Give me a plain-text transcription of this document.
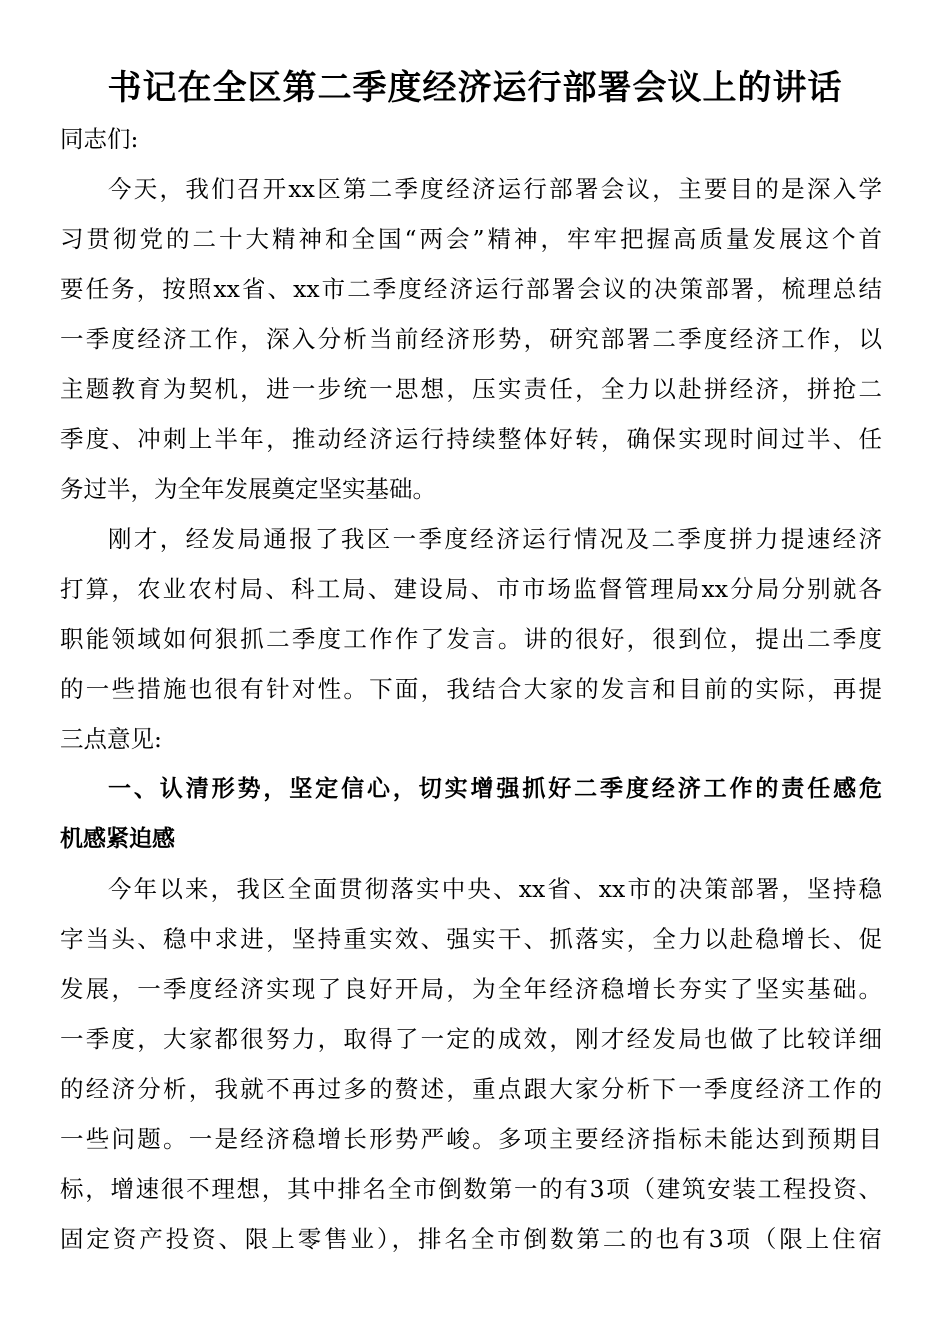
书记在全区第二季度经济运行部署会议上的讲话
同志们:
今天，我们召开xx区第二季度经济运行部署会议，主要目的是深入学
习贯彻党的二十大精神和全国“两会”精神，牢牢把握高质量发展这个首
要任务，按照xx省、xx市二季度经济运行部署会议的决策部署，梳理总结
一季度经济工作，深入分析当前经济形势，研究部署二季度经济工作，以
主题教育为契机，进一步统一思想，压实责任，全力以赴拼经济，拼抢二
季度、冲刺上半年，推动经济运行持续整体好转，确保实现时间过半、任
务过半，为全年发展奠定坚实基础。
刚才，经发局通报了我区一季度经济运行情况及二季度拼力提速经济
打算，农业农村局、科工局、建设局、市市场监督管理局xx分局分别就各
职能领域如何狠抓二季度工作作了发言。讲的很好，很到位，提出二季度
的一些措施也很有针对性。下面，我结合大家的发言和目前的实际，再提
三点意见:
一、认清形势，坚定信心，切实增强抓好二季度经济工作的责任感危
机感紧迫感
今年以来，我区全面贯彻落实中央、xx省、xx市的决策部署，坚持稳
字当头、稳中求进，坚持重实效、强实干、抓落实，全力以赴稳增长、促
发展，一季度经济实现了良好开局，为全年经济稳增长夯实了坚实基础。
一季度，大家都很努力，取得了一定的成效，刚才经发局也做了比较详细
的经济分析，我就不再过多的赘述，重点跟大家分析下一季度经济工作的
一些问题。一是经济稳增长形势严峻。多项主要经济指标未能达到预期目
标，增速很不理想，其中排名全市倒数第一的有3项（建筑安装工程投资、
固定资产投资、限上零售业），排名全市倒数第二的也有3项（限上住宿
